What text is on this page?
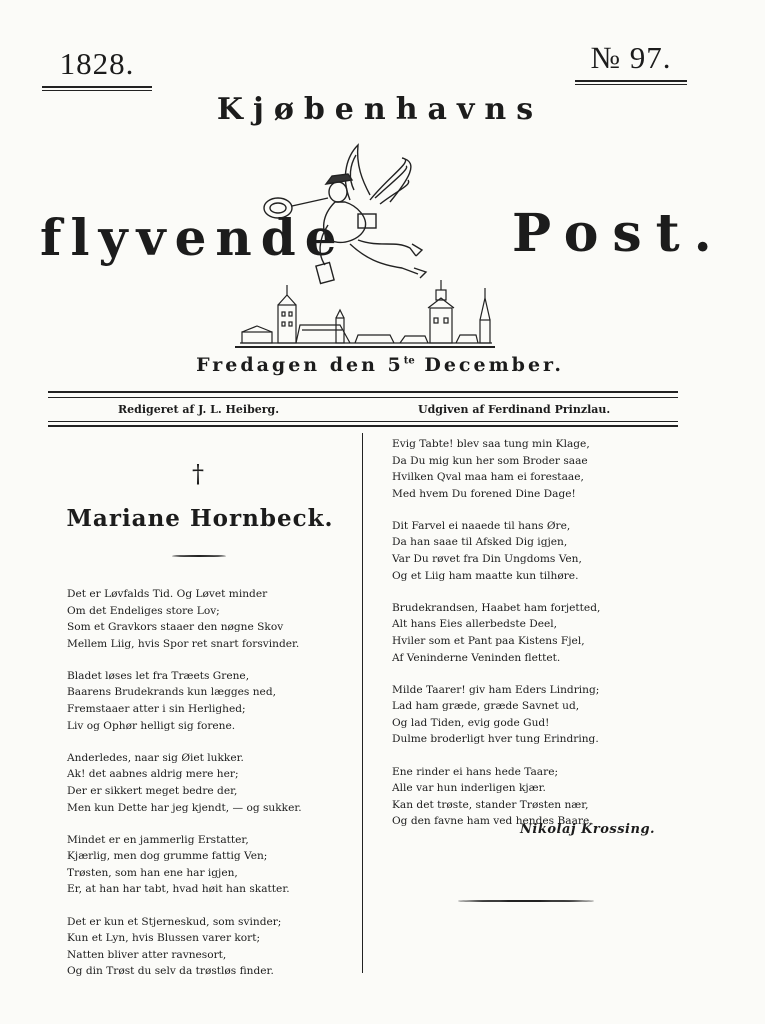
1828.	№ 97.
Kjøbenhavns
flyvende	Post.
Fredagen den $5^{te}$ December.
Redigeret af J. L. Heiberg.	Udgiven af Ferdinand Prinzlau.
†
Mariane Hornbeck.
Det er Løvfalds Tid. Og Løvet minder
Om det Endeliges store Lov;
Som et Gravkors staaer den nøgne Skov
Mellem Liig, hvis Spor ret snart forsvinder.
Bladet løses let fra Træets Grene,
Baarens Brudekrands kun lægges ned,
Fremstaaer atter i sin Herlighed;
Liv og Ophør helligt sig forene.
Anderledes, naar sig Øiet lukker.
Ak! det aabnes aldrig mere her;
Der er sikkert meget bedre der,
Men kun Dette har jeg kjendt, — og sukker.
Mindet er en jammerlig Erstatter,
Kjærlig, men dog grumme fattig Ven;
Trøsten, som han ene har igjen,
Er, at han har tabt, hvad høit han skatter.
Det er kun et Stjerneskud, som svinder;
Kun et Lyn, hvis Blussen varer kort;
Natten bliver atter ravnesort,
Og din Trøst du selv da trøstløs finder.
Evig Tabte! blev saa tung min Klage,
Da Du mig kun her som Broder saae
Hvilken Qval maa ham ei forestaae,
Med hvem Du forened Dine Dage!
Dit Farvel ei naaede til hans Øre,
Da han saae til Afsked Dig igjen,
Var Du røvet fra Din Ungdoms Ven,
Og et Liig ham maatte kun tilhøre.
Brudekrandsen, Haabet ham forjetted,
Alt hans Eies allerbedste Deel,
Hviler som et Pant paa Kistens Fjel,
Af Veninderne Veninden flettet.
Milde Taarer! giv ham Eders Lindring;
Lad ham græde, græde Savnet ud,
Og lad Tiden, evig gode Gud!
Dulme broderligt hver tung Erindring.
Ene rinder ei hans hede Taare;
Alle var hun inderligen kjær.
Kan det trøste, stander Trøsten nær,
Og den favne ham ved hendes Baare.
Nikolaj Krossing.
